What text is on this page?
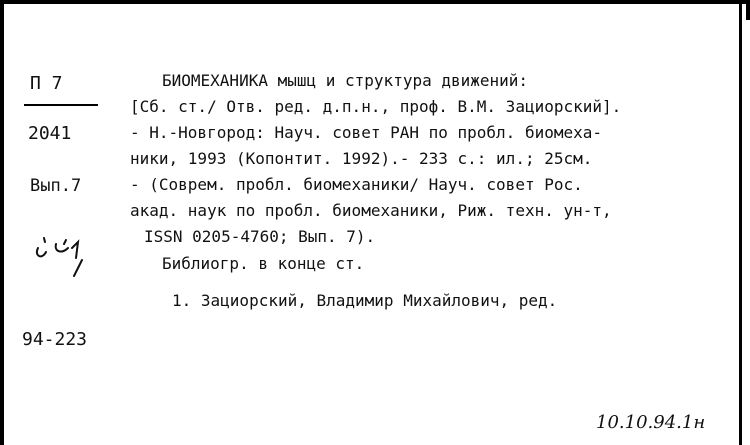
П 7
2041
Вып.7
94-223
БИОМЕХАНИКА мышц и структура движений:
[Сб. ст./ Отв. ред. д.п.н., проф. В.М. Зациорский].
- Н.-Новгород: Науч. совет РАН по пробл. биомеха-
ники, 1993 (Копонтит. 1992).- 233 с.: ил.; 25см.
- (Соврем. пробл. биомеханики/ Науч. совет Рос.
акад. наук по пробл. биомеханики, Риж. техн. ун-т,
ISSN 0205-4760; Вып. 7).
Библиогр. в конце ст.
1. Зациорский, Владимир Михайлович, ред.
10.10.94.1н
